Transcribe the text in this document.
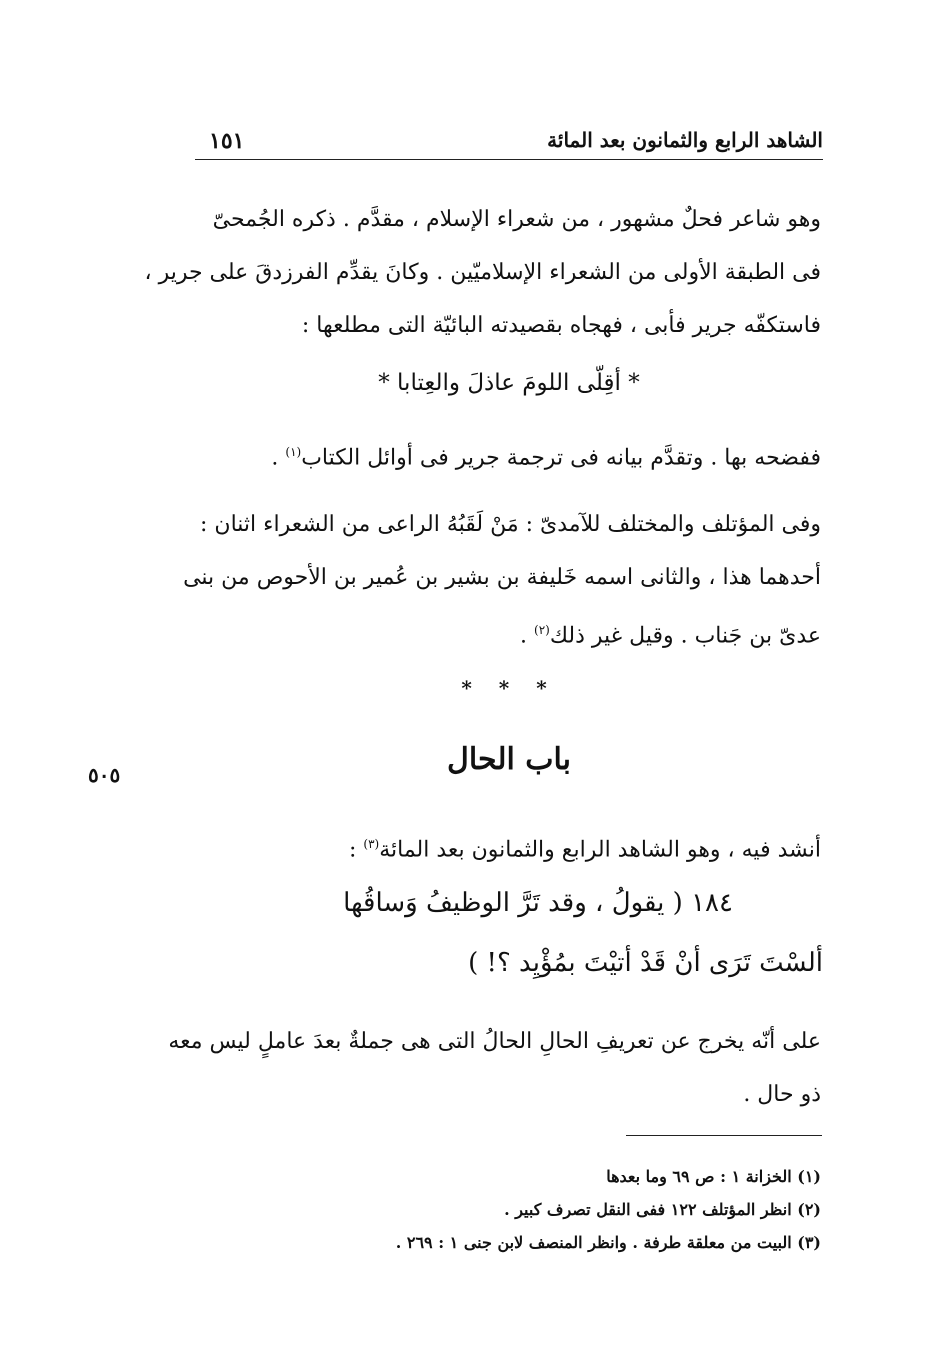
الشاهد الرابع والثمانون بعد المائة
١٥١
وهو شاعر فحلٌ مشهور ، من شعراء الإسلام ، مقدَّم . ذكره الجُمحىّ
فى الطبقة الأولى من الشعراء الإسلاميّين . وكانَ يقدِّم الفرزدقَ على جرير ،
فاستكفّه جرير فأبى ، فهجاه بقصيدته البائيّة التى مطلعها :
* أقِلّى اللومَ عاذلَ والعِتابا *
ففضحه بها . وتقدَّم بيانه فى ترجمة جرير فى أوائل الكتاب$^{(١)}$ .
وفى المؤتلف والمختلف للآمدىّ : مَنْ لَقَبُهُ الراعى من الشعراء اثنان :
أحدهما هذا ، والثانى اسمه خَليفة بن بشير بن عُمير بن الأحوص من بنى
عدىّ بن جَناب . وقيل غير ذلك$^{(٢)}$ .
* * *
٥٠٥	باب الحال
أنشد فيه ، وهو الشاهد الرابع والثمانون بعد المائة$^{(٣)}$ :
١٨٤ ( يقولُ ، وقد تَرَّ الوظيفُ وَساقُها
ألسْتَ تَرَى أنْ قَدْ أتيْتَ بمُؤْيِد ؟! )
على أنّه يخرج عن تعريفِ الحالِ الحالُ التى هى جملةٌ بعدَ عاملٍ ليس معه
ذو حال .
(١) الخزانة ١ : ص ٦٩ وما بعدها
(٢) انظر المؤتلف ١٢٢ ففى النقل تصرف كبير .
(٣) البيت من معلقة طرفة . وانظر المنصف لابن جنى ١ : ٢٦٩ .
